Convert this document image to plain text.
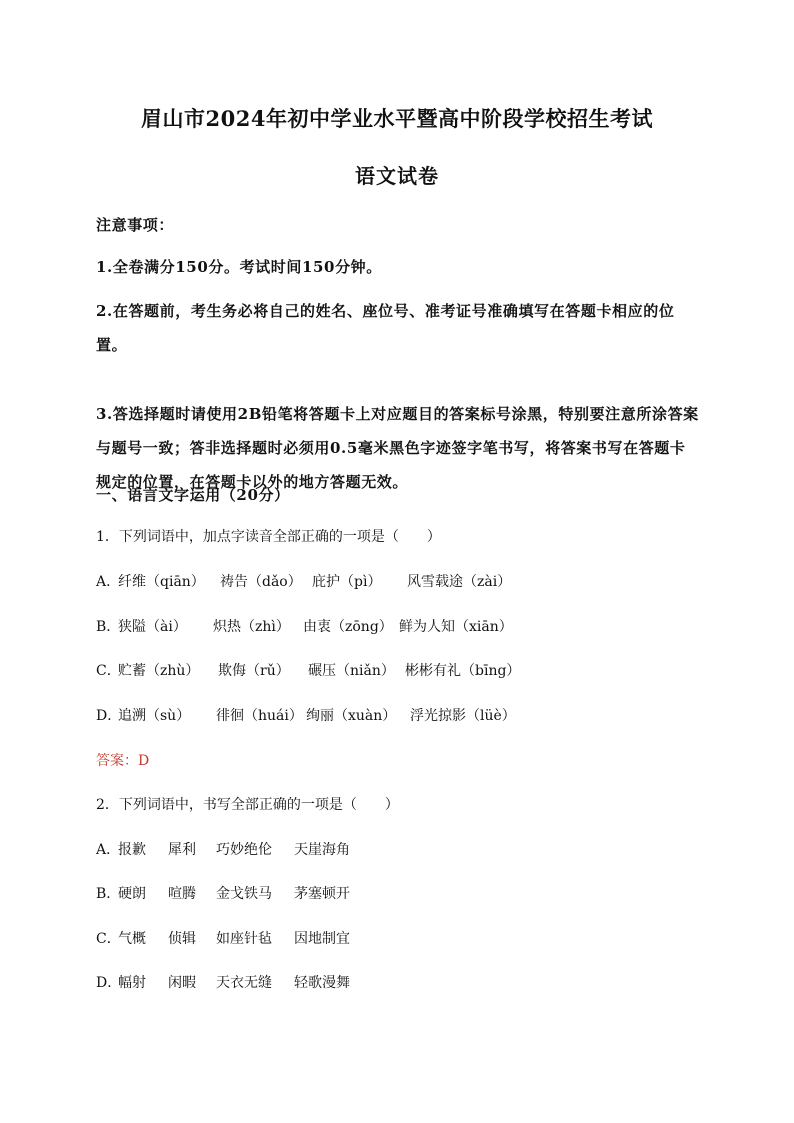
眉山市2024年初中学业水平暨高中阶段学校招生考试
语文试卷
注意事项：
1.全卷满分150分。考试时间150分钟。
2.在答题前，考生务必将自己的姓名、座位号、准考证号准确填写在答题卡相应的位置。
3.答选择题时请使用2B铅笔将答题卡上对应题目的答案标号涂黑，特别要注意所涂答案与题号一致；答非选择题时必须用0.5毫米黑色字迹签字笔书写，将答案书写在答题卡规定的位置，在答题卡以外的地方答题无效。
一、语言文字运用（20分）
1．下列词语中，加点字读音全部正确的一项是（　　）
A．纤维（qiān） 祷告（dǎo） 庇护（pì） 风雪载途（zài）
B．狭隘（ài） 炽热（zhì） 由衷（zōng） 鲜为人知（xiān）
C．贮蓄（zhù） 欺侮（rǔ） 碾压（niǎn） 彬彬有礼（bīng）
D．追溯（sù） 徘徊（huái） 绚丽（xuàn） 浮光掠影（lüè）
答案：D
2．下列词语中，书写全部正确的一项是（　　）
A．报歉 犀利 巧妙绝伦 天崖海角
B．硬朗 喧腾 金戈铁马 茅塞顿开
C．气概 侦辑 如座针毡 因地制宜
D．幅射 闲暇 天衣无缝 轻歌漫舞
